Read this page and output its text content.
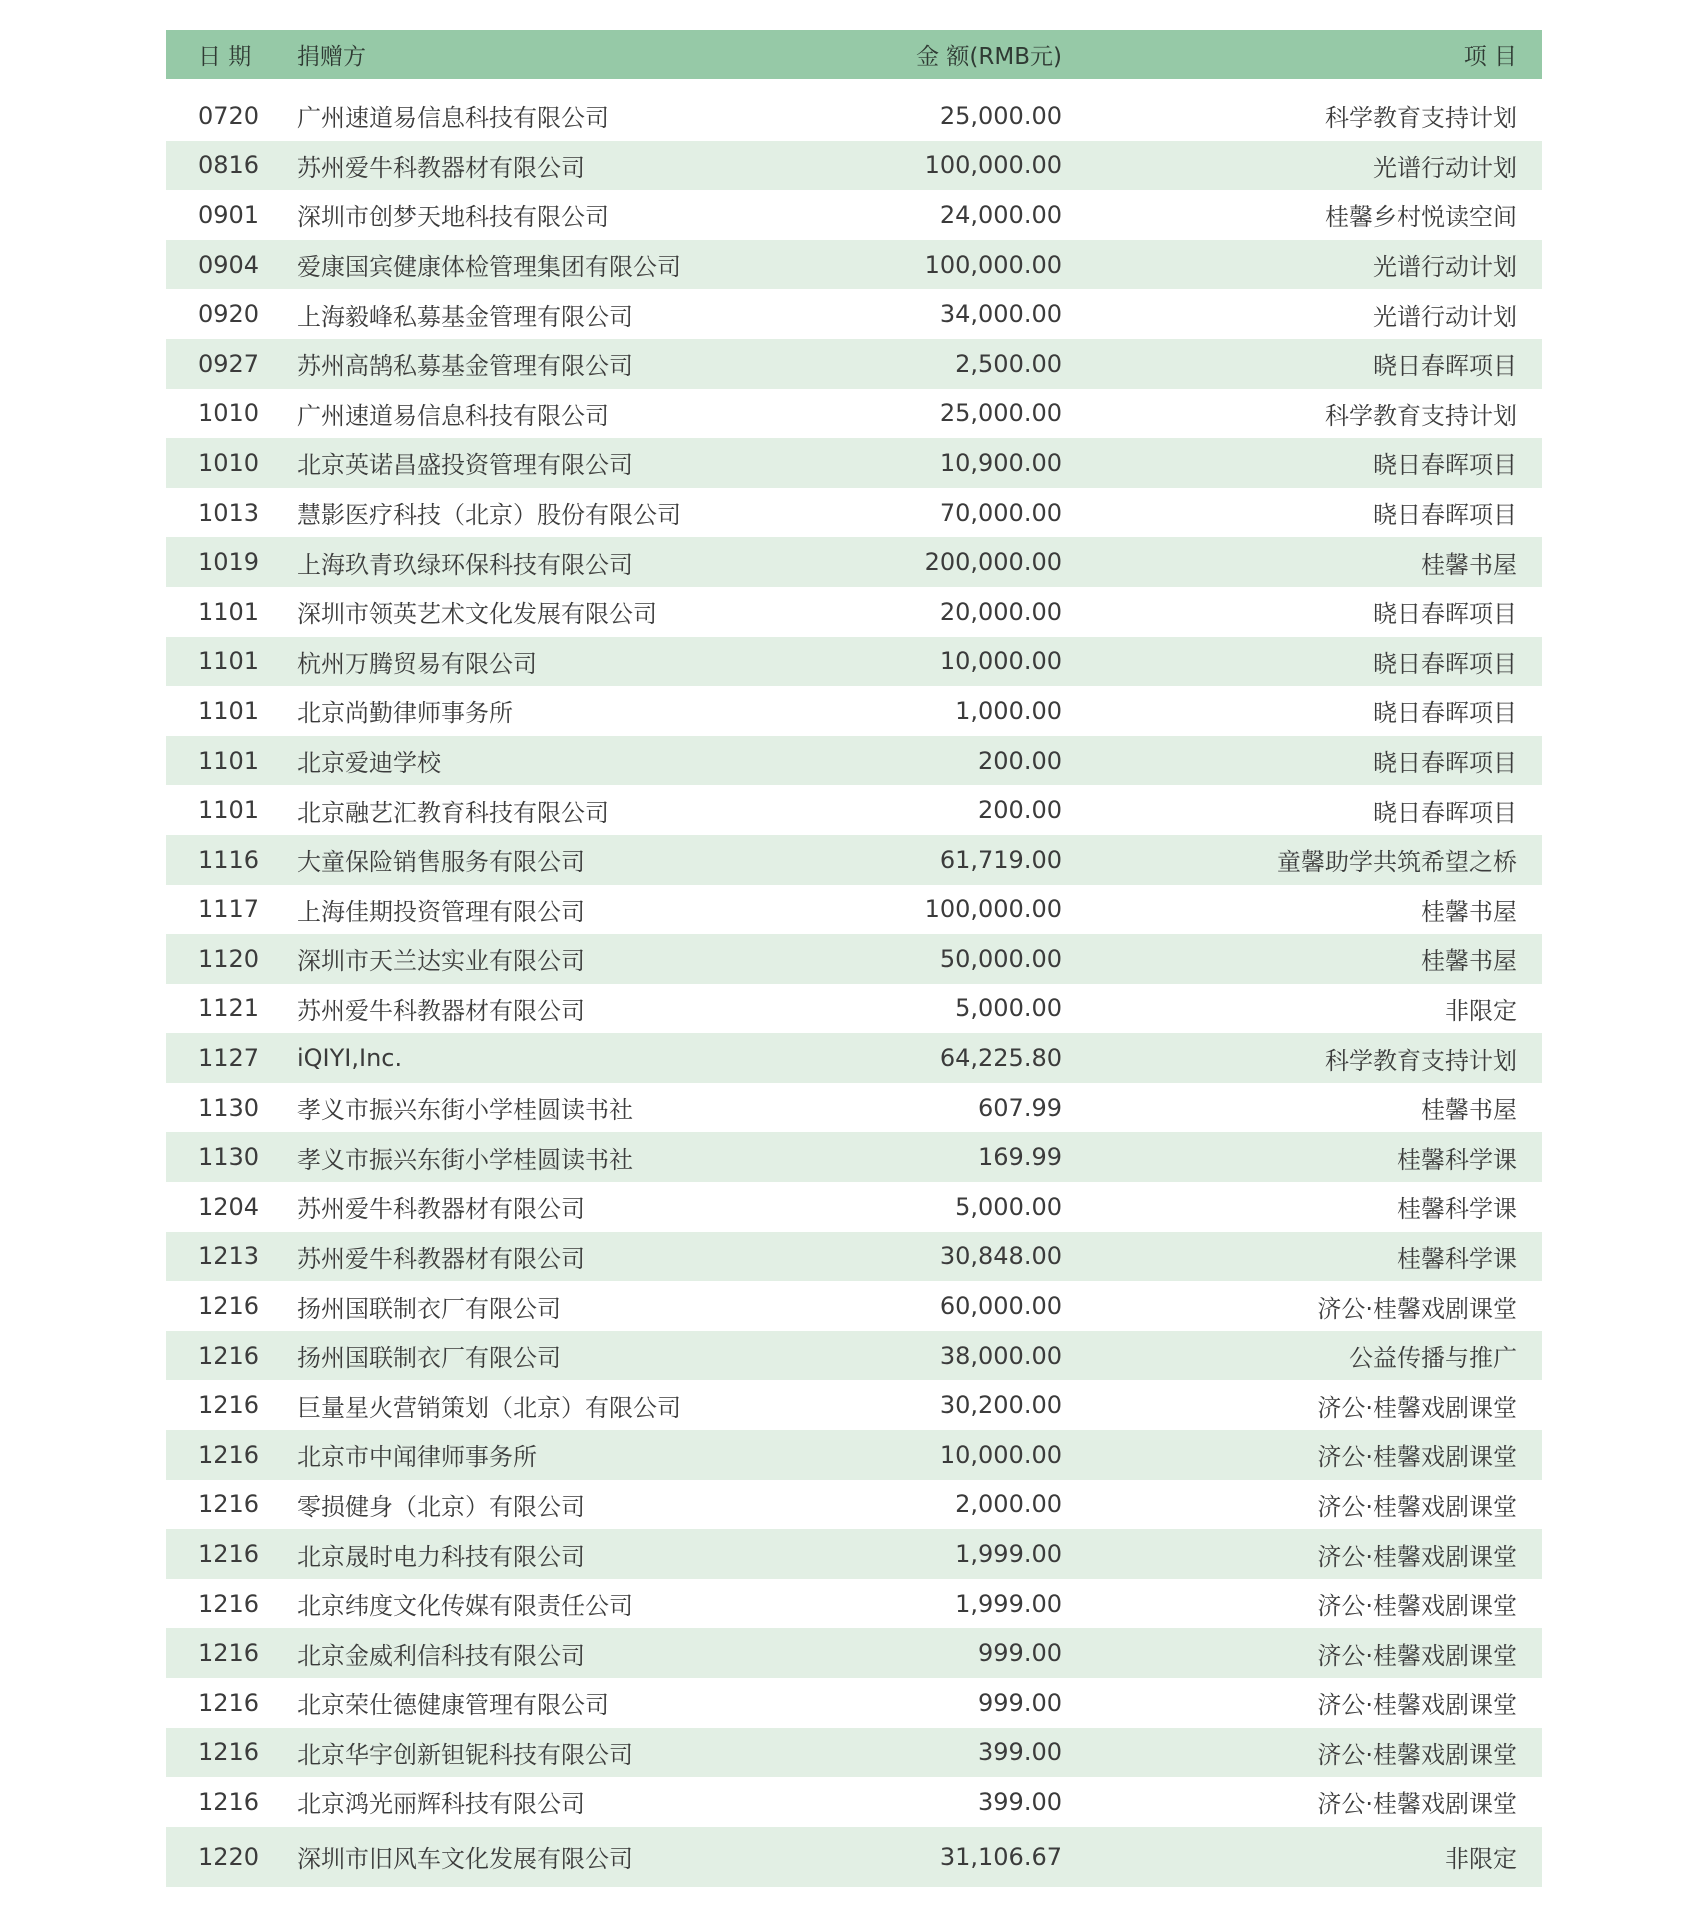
日 期	捐赠方	金 额(RMB元)	项 目
0720	广州速道易信息科技有限公司	25,000.00	科学教育支持计划
0816	苏州爱牛科教器材有限公司	100,000.00	光谱行动计划
0901	深圳市创梦天地科技有限公司	24,000.00	桂馨乡村悦读空间
0904	爱康国宾健康体检管理集团有限公司	100,000.00	光谱行动计划
0920	上海毅峰私募基金管理有限公司	34,000.00	光谱行动计划
0927	苏州高鹄私募基金管理有限公司	2,500.00	晓日春晖项目
1010	广州速道易信息科技有限公司	25,000.00	科学教育支持计划
1010	北京英诺昌盛投资管理有限公司	10,900.00	晓日春晖项目
1013	慧影医疗科技（北京）股份有限公司	70,000.00	晓日春晖项目
1019	上海玖青玖绿环保科技有限公司	200,000.00	桂馨书屋
1101	深圳市领英艺术文化发展有限公司	20,000.00	晓日春晖项目
1101	杭州万腾贸易有限公司	10,000.00	晓日春晖项目
1101	北京尚勤律师事务所	1,000.00	晓日春晖项目
1101	北京爱迪学校	200.00	晓日春晖项目
1101	北京融艺汇教育科技有限公司	200.00	晓日春晖项目
1116	大童保险销售服务有限公司	61,719.00	童馨助学共筑希望之桥
1117	上海佳期投资管理有限公司	100,000.00	桂馨书屋
1120	深圳市天兰达实业有限公司	50,000.00	桂馨书屋
1121	苏州爱牛科教器材有限公司	5,000.00	非限定
1127	iQIYI,Inc.	64,225.80	科学教育支持计划
1130	孝义市振兴东街小学桂圆读书社	607.99	桂馨书屋
1130	孝义市振兴东街小学桂圆读书社	169.99	桂馨科学课
1204	苏州爱牛科教器材有限公司	5,000.00	桂馨科学课
1213	苏州爱牛科教器材有限公司	30,848.00	桂馨科学课
1216	扬州国联制衣厂有限公司	60,000.00	济公·桂馨戏剧课堂
1216	扬州国联制衣厂有限公司	38,000.00	公益传播与推广
1216	巨量星火营销策划（北京）有限公司	30,200.00	济公·桂馨戏剧课堂
1216	北京市中闻律师事务所	10,000.00	济公·桂馨戏剧课堂
1216	零损健身（北京）有限公司	2,000.00	济公·桂馨戏剧课堂
1216	北京晟时电力科技有限公司	1,999.00	济公·桂馨戏剧课堂
1216	北京纬度文化传媒有限责任公司	1,999.00	济公·桂馨戏剧课堂
1216	北京金威利信科技有限公司	999.00	济公·桂馨戏剧课堂
1216	北京荣仕德健康管理有限公司	999.00	济公·桂馨戏剧课堂
1216	北京华宇创新钽铌科技有限公司	399.00	济公·桂馨戏剧课堂
1216	北京鸿光丽辉科技有限公司	399.00	济公·桂馨戏剧课堂
1220	深圳市旧风车文化发展有限公司	31,106.67	非限定
